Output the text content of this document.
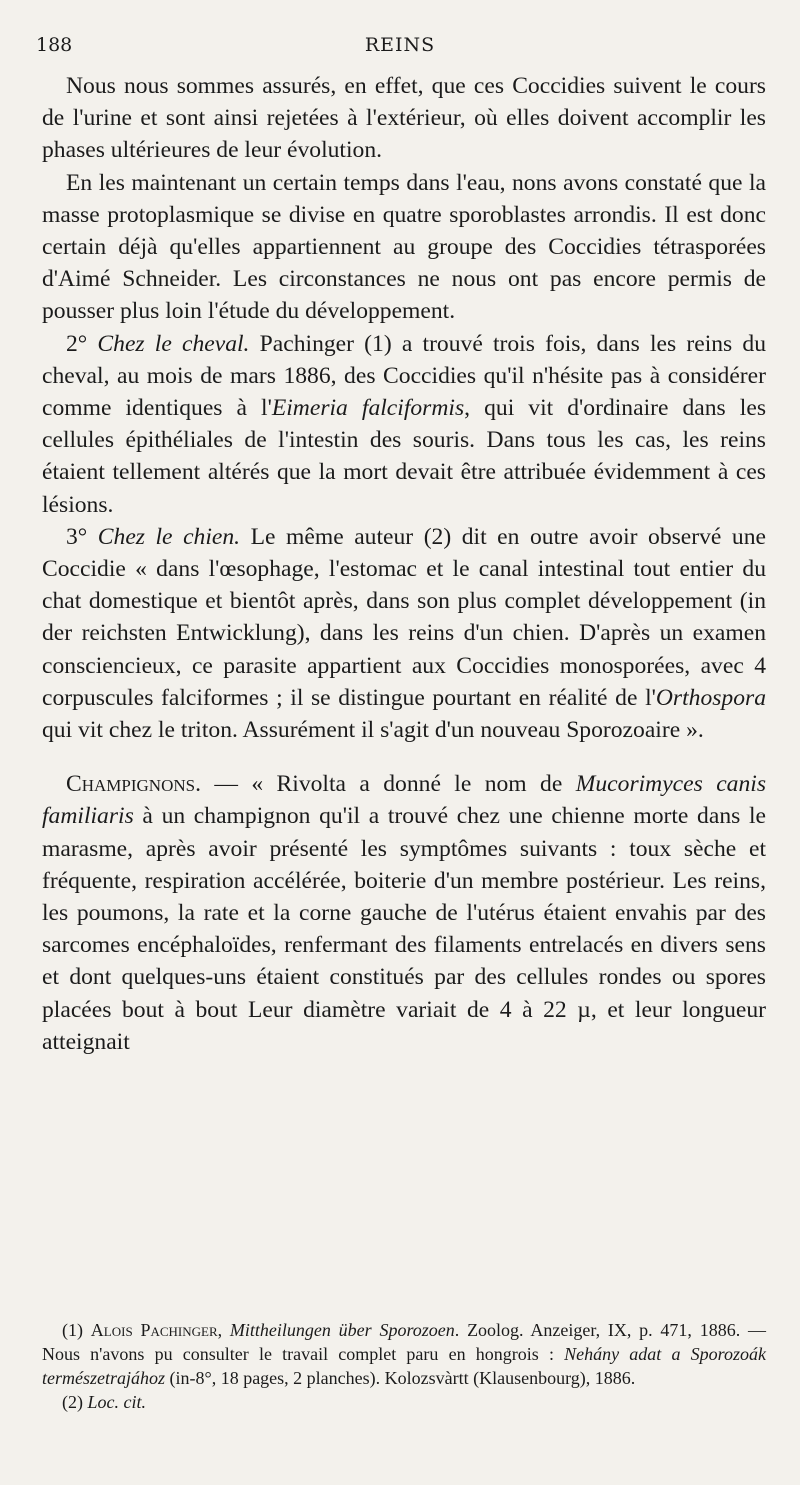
188	REINS

Nous nous sommes assurés, en effet, que ces Coccidies suivent le cours de l'urine et sont ainsi rejetées à l'extérieur, où elles doivent accomplir les phases ultérieures de leur évolution.

En les maintenant un certain temps dans l'eau, nons avons constaté que la masse protoplasmique se divise en quatre sporoblastes arrondis. Il est donc certain déjà qu'elles appartiennent au groupe des Coccidies tétrasporées d'Aimé Schneider. Les circonstances ne nous ont pas encore permis de pousser plus loin l'étude du développement.

2° Chez le cheval. Pachinger (1) a trouvé trois fois, dans les reins du cheval, au mois de mars 1886, des Coccidies qu'il n'hésite pas à considérer comme identiques à l'Eimeria falciformis, qui vit d'ordinaire dans les cellules épithéliales de l'intestin des souris. Dans tous les cas, les reins étaient tellement altérés que la mort devait être attribuée évidemment à ces lésions.

3° Chez le chien. Le même auteur (2) dit en outre avoir observé une Coccidie « dans l'œsophage, l'estomac et le canal intestinal tout entier du chat domestique et bientôt après, dans son plus complet développement (in der reichsten Entwicklung), dans les reins d'un chien. D'après un examen consciencieux, ce parasite appartient aux Coccidies monosporées, avec 4 corpuscules falciformes ; il se distingue pourtant en réalité de l'Orthospora qui vit chez le triton. Assurément il s'agit d'un nouveau Sporozoaire ».

Champignons. — « Rivolta a donné le nom de Mucorimyces canis familiaris à un champignon qu'il a trouvé chez une chienne morte dans le marasme, après avoir présenté les symptômes suivants : toux sèche et fréquente, respiration accélérée, boiterie d'un membre postérieur. Les reins, les poumons, la rate et la corne gauche de l'utérus étaient envahis par des sarcomes encéphaloïdes, renfermant des filaments entrelacés en divers sens et dont quelques-uns étaient constitués par des cellules rondes ou spores placées bout à bout Leur diamètre variait de 4 à 22 µ, et leur longueur atteignait

(1) Alois Pachinger, Mittheilungen über Sporozoen. Zoolog. Anzeiger, IX, p. 471, 1886. — Nous n'avons pu consulter le travail complet paru en hongrois : Nehány adat a Sporozoák természetrajához (in-8°, 18 pages, 2 planches). Kolozsvàrtt (Klausenbourg), 1886.

(2) Loc. cit.
